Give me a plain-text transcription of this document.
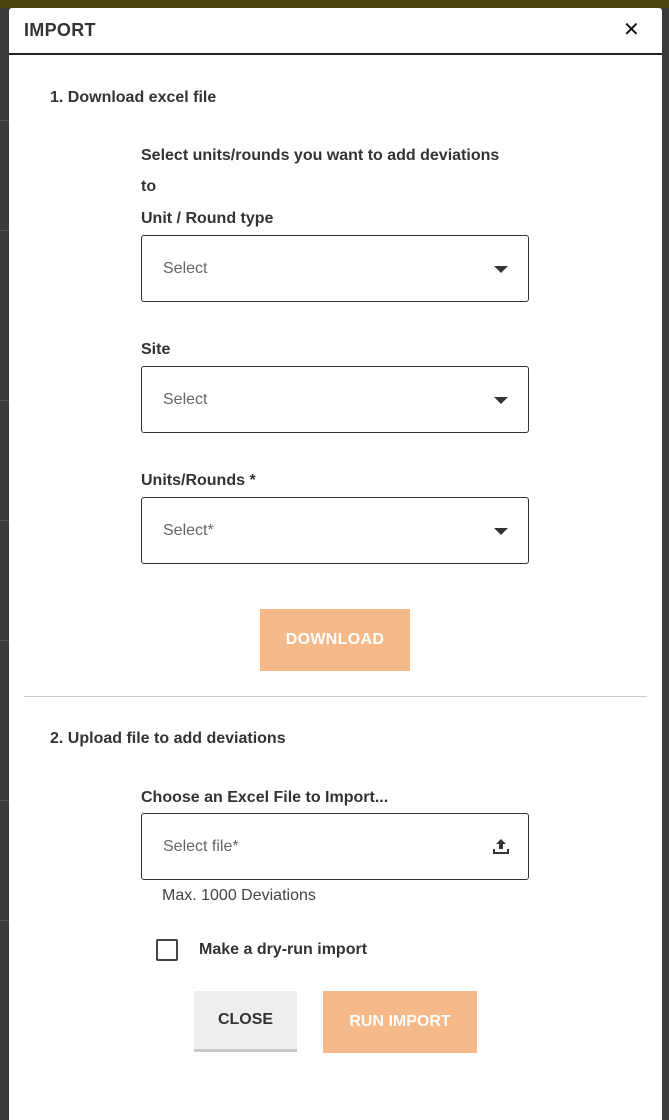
IMPORT	✕
1. Download excel file
Select units/rounds you want to add deviations
to
Unit / Round type
Select
Site
Select
Units/Rounds *
Select*
DOWNLOAD
2. Upload file to add deviations
Choose an Excel File to Import...
Select file*
Max. 1000 Deviations
Make a dry-run import
CLOSE	RUN IMPORT
